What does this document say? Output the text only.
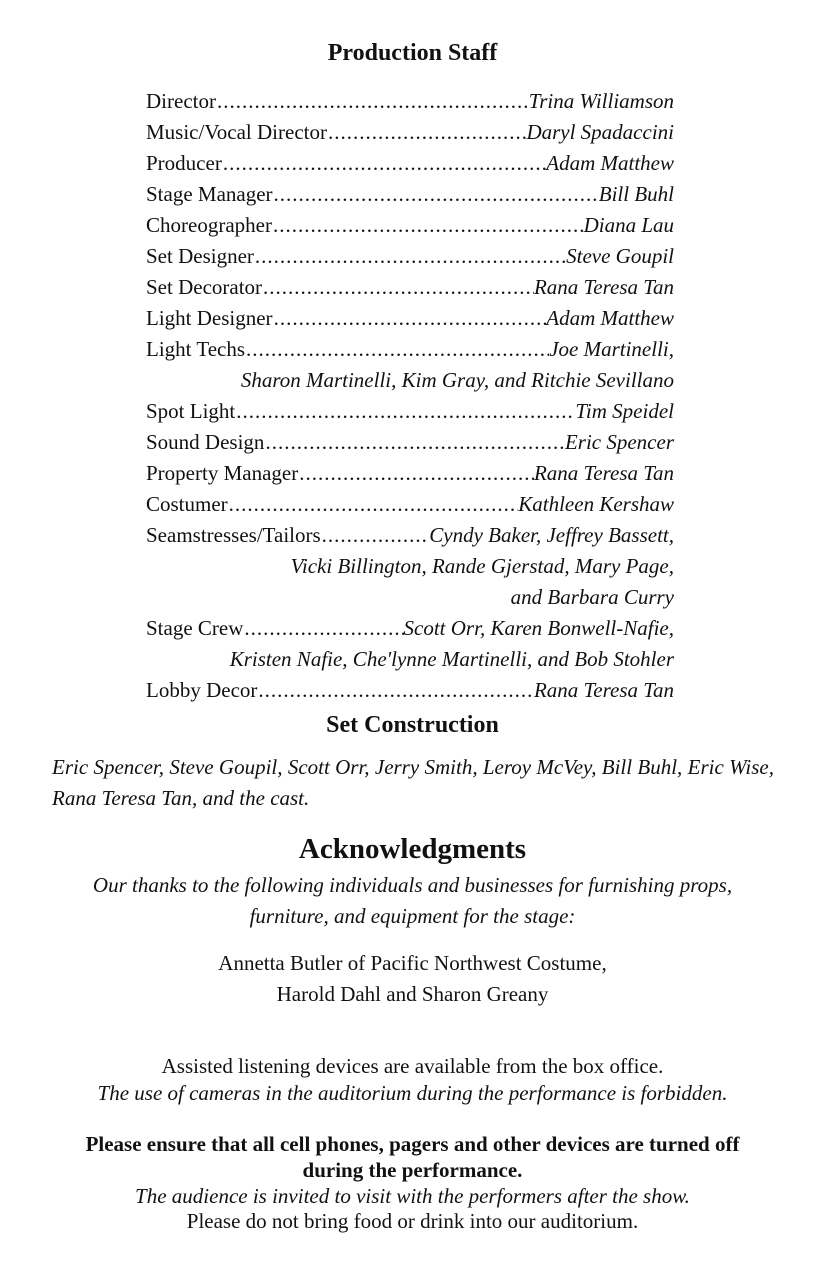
Production Staff
Director .....	Trina Williamson
Music/Vocal Director .....	Daryl Spadaccini
Producer .....	Adam Matthew
Stage Manager .....	Bill Buhl
Choreographer .....	Diana Lau
Set Designer .....	Steve Goupil
Set Decorator .....	Rana Teresa Tan
Light Designer .....	Adam Matthew
Light Techs .....	Joe Martinelli,
Sharon Martinelli, Kim Gray, and Ritchie Sevillano
Spot Light .....	Tim Speidel
Sound Design .....	Eric Spencer
Property Manager .....	Rana Teresa Tan
Costumer .....	Kathleen Kershaw
Seamstresses/Tailors .....	Cyndy Baker, Jeffrey Bassett,
Vicki Billington, Rande Gjerstad, Mary Page,
and Barbara Curry
Stage Crew .....	Scott Orr, Karen Bonwell-Nafie,
Kristen Nafie, Che'lynne Martinelli, and Bob Stohler
Lobby Decor .....	Rana Teresa Tan
Set Construction

Eric Spencer, Steve Goupil, Scott Orr, Jerry Smith, Leroy McVey, Bill Buhl, Eric Wise, Rana Teresa Tan, and the cast.

Acknowledgments

Our thanks to the following individuals and businesses for furnishing props, furniture, and equipment for the stage:

Annetta Butler of Pacific Northwest Costume,
Harold Dahl and Sharon Greany

Assisted listening devices are available from the box office.

The use of cameras in the auditorium during the performance is forbidden.

Please ensure that all cell phones, pagers and other devices are turned off during the performance.

The audience is invited to visit with the performers after the show.

Please do not bring food or drink into our auditorium.
